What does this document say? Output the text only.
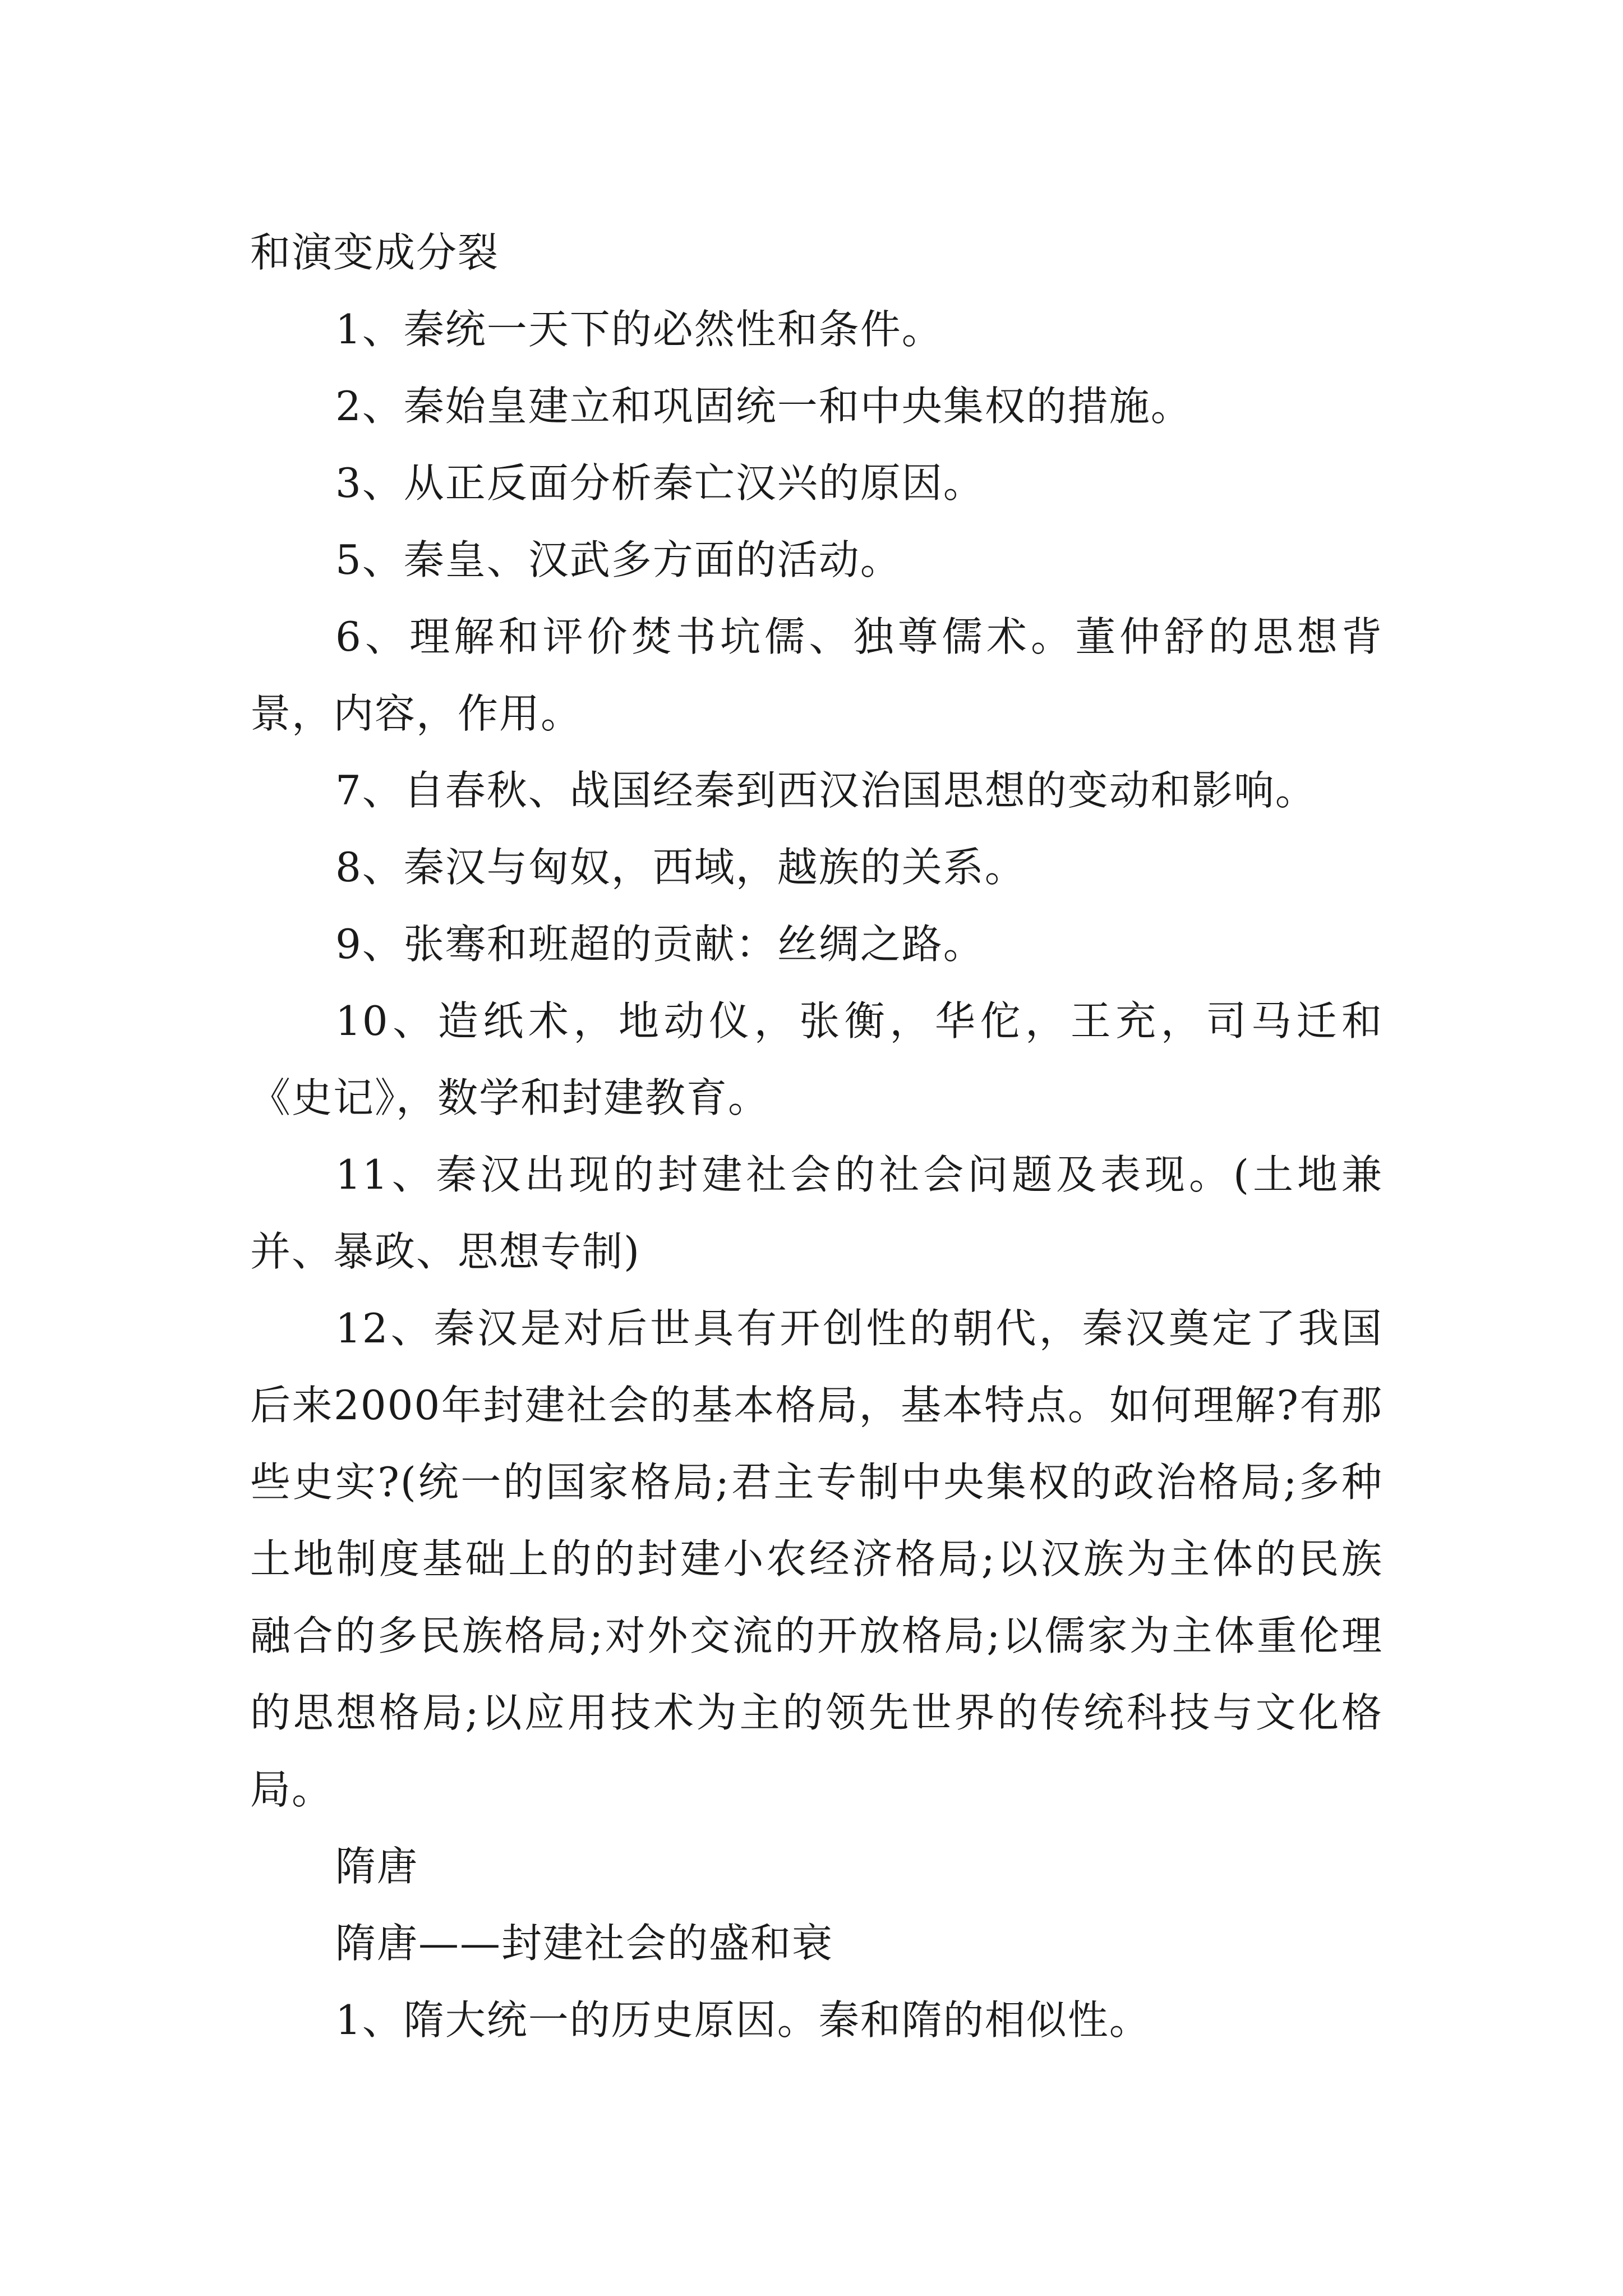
和演变成分裂

1、秦统一天下的必然性和条件。

2、秦始皇建立和巩固统一和中央集权的措施。

3、从正反面分析秦亡汉兴的原因。

5、秦皇、汉武多方面的活动。

6、理解和评价焚书坑儒、独尊儒术。董仲舒的思想背景，内容，作用。

7、自春秋、战国经秦到西汉治国思想的变动和影响。

8、秦汉与匈奴，西域，越族的关系。

9、张骞和班超的贡献：丝绸之路。

10、造纸术，地动仪，张衡，华佗，王充，司马迁和《史记》，数学和封建教育。

11、秦汉出现的封建社会的社会问题及表现。(土地兼并、暴政、思想专制)

12、秦汉是对后世具有开创性的朝代，秦汉奠定了我国后来2000年封建社会的基本格局，基本特点。如何理解?有那些史实?(统一的国家格局;君主专制中央集权的政治格局;多种土地制度基础上的的封建小农经济格局;以汉族为主体的民族融合的多民族格局;对外交流的开放格局;以儒家为主体重伦理的思想格局;以应用技术为主的领先世界的传统科技与文化格局。

隋唐

隋唐——封建社会的盛和衰

1、隋大统一的历史原因。秦和隋的相似性。
